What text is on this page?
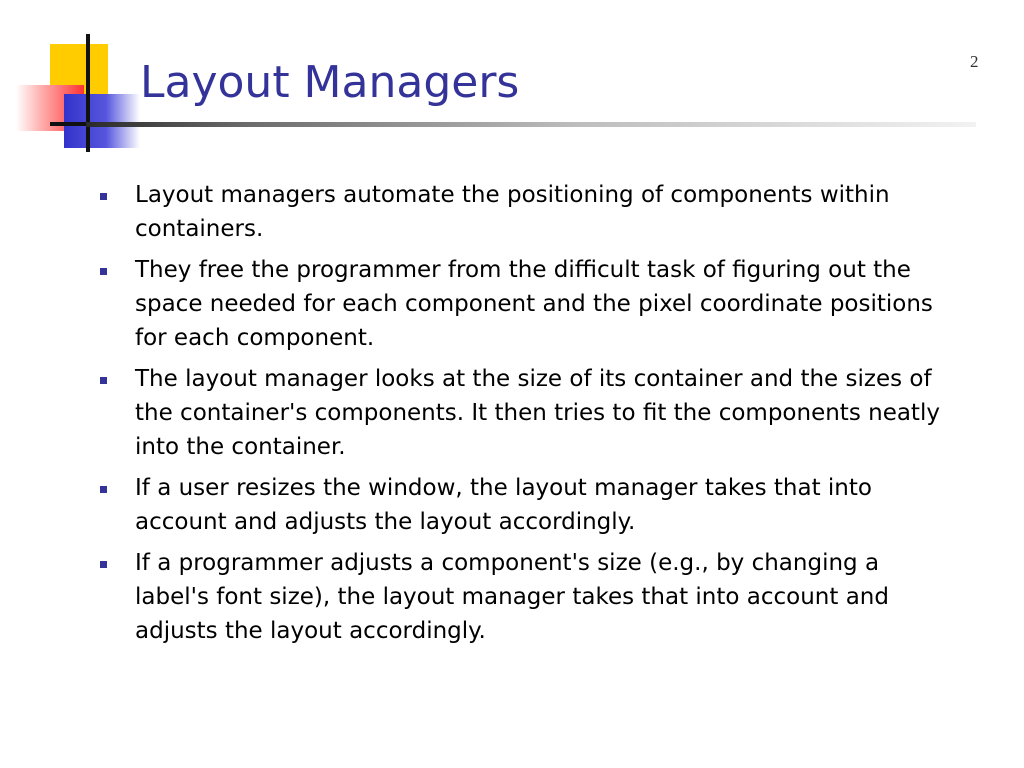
Layout Managers	2
Layout managers automate the positioning of components within containers.
They free the programmer from the difficult task of figuring out the space needed for each component and the pixel coordinate positions for each component.
The layout manager looks at the size of its container and the sizes of the container's components. It then tries to fit the components neatly into the container.
If a user resizes the window, the layout manager takes that into account and adjusts the layout accordingly.
If a programmer adjusts a component's size (e.g., by changing a label's font size), the layout manager takes that into account and adjusts the layout accordingly.
